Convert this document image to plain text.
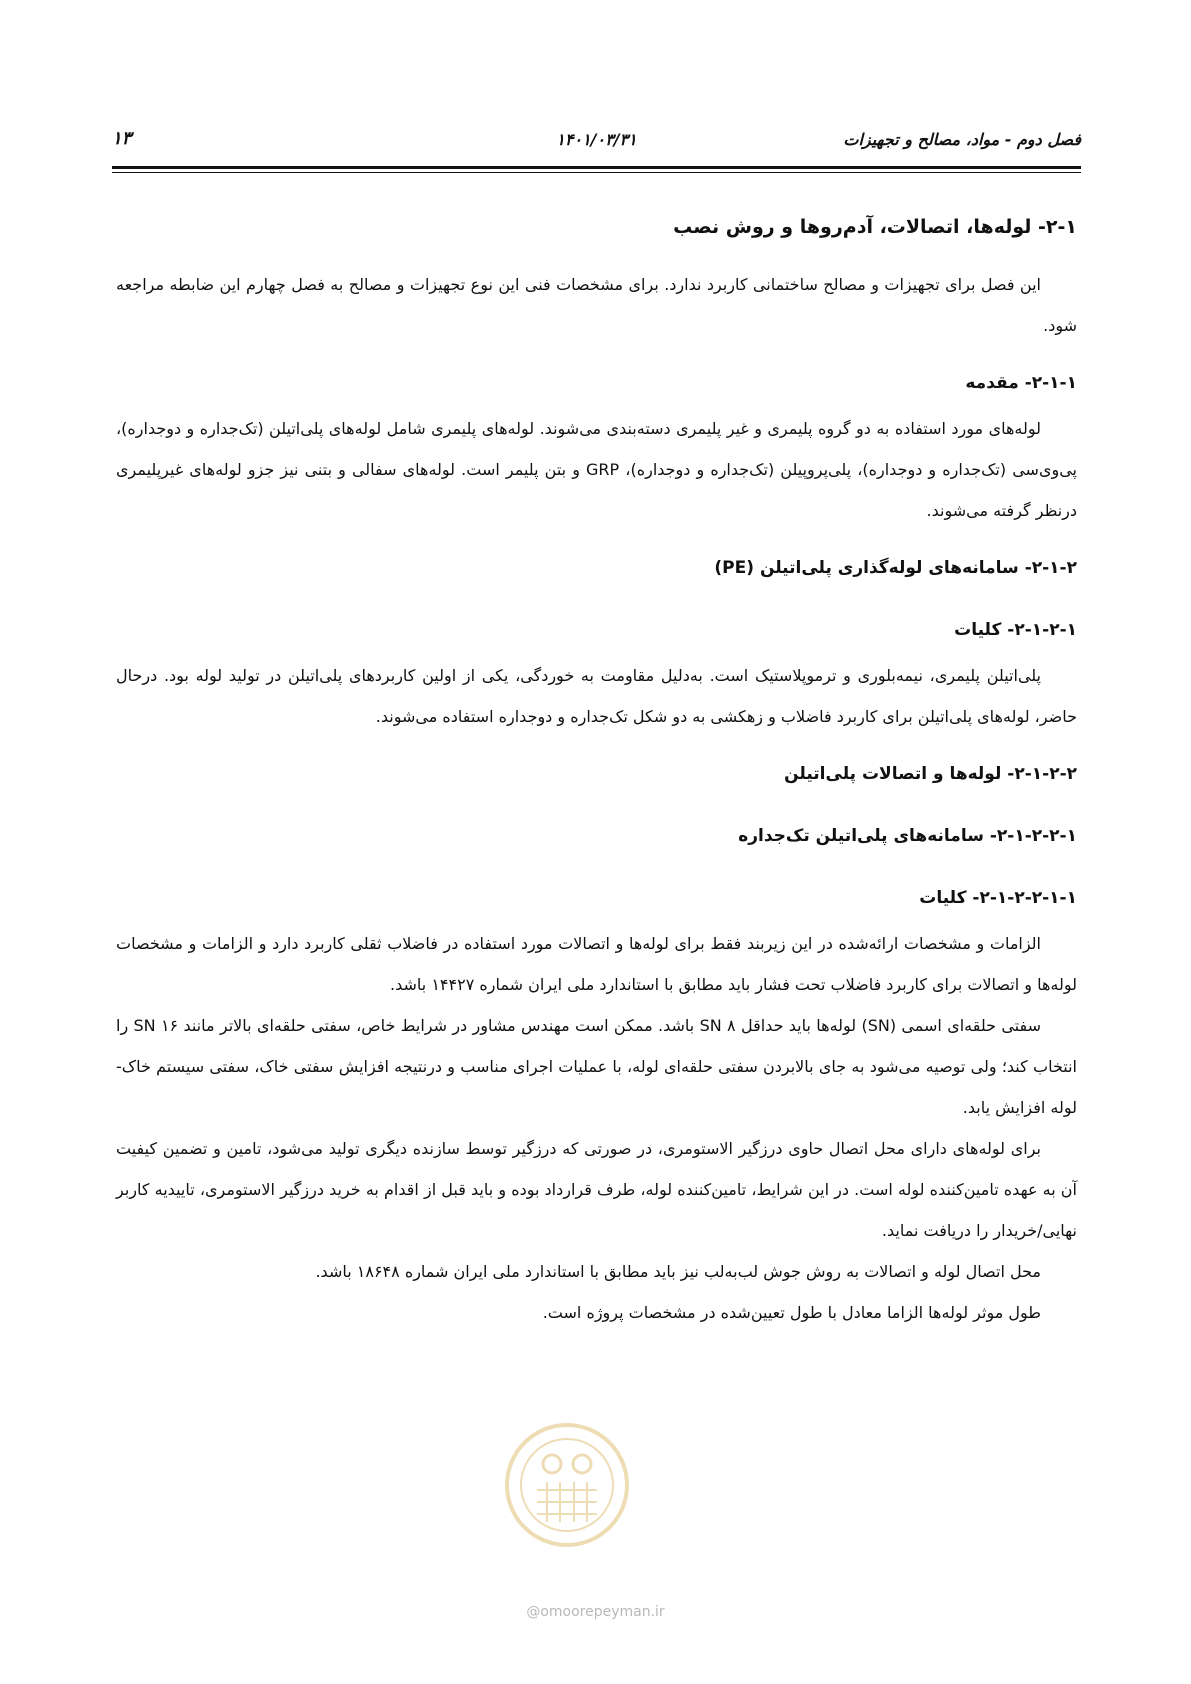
فصل دوم - مواد، مصالح و تجهیزات
۱۴۰۱/۰۳/۳۱
۱۳

۲-۱- لوله‌ها، اتصالات، آدم‌روها و روش نصب

این فصل برای تجهیزات و مصالح ساختمانی کاربرد ندارد. برای مشخصات فنی این نوع تجهیزات و مصالح به فصل چهارم این ضابطه مراجعه شود.

۲-۱-۱- مقدمه

لوله‌های مورد استفاده به دو گروه پلیمری و غیر پلیمری دسته‌بندی می‌شوند. لوله‌های پلیمری شامل لوله‌های پلی‌اتیلن (تک‌جداره و دوجداره)، پی‌وی‌سی (تک‌جداره و دوجداره)، پلی‌پروپیلن (تک‌جداره و دوجداره)، GRP و بتن پلیمر است. لوله‌های سفالی و بتنی نیز جزو لوله‌های غیرپلیمری درنظر گرفته می‌شوند.

۲-۱-۲- سامانه‌های لوله‌گذاری پلی‌اتیلن (PE)

۲-۱-۲-۱- کلیات

پلی‌اتیلن پلیمری، نیمه‌بلوری و ترموپلاستیک است. به‌دلیل مقاومت به خوردگی، یکی از اولین کاربردهای پلی‌اتیلن در تولید لوله بود. درحال حاضر، لوله‌های پلی‌اتیلن برای کاربرد فاضلاب و زهکشی به دو شکل تک‌جداره و دوجداره استفاده می‌شوند.

۲-۱-۲-۲- لوله‌ها و اتصالات پلی‌اتیلن

۲-۱-۲-۲-۱- سامانه‌های پلی‌اتیلن تک‌جداره

۲-۱-۲-۲-۱-۱- کلیات

الزامات و مشخصات ارائه‌شده در این زیربند فقط برای لوله‌ها و اتصالات مورد استفاده در فاضلاب ثقلی کاربرد دارد و الزامات و مشخصات لوله‌ها و اتصالات برای کاربرد فاضلاب تحت فشار باید مطابق با استاندارد ملی ایران شماره ۱۴۴۲۷ باشد.

سفتی حلقه‌ای اسمی (SN) لوله‌ها باید حداقل SN ۸ باشد. ممکن است مهندس مشاور در شرایط خاص، سفتی حلقه‌ای بالاتر مانند SN ۱۶ را انتخاب کند؛ ولی توصیه می‌شود به جای بالابردن سفتی حلقه‌ای لوله، با عملیات اجرای مناسب و درنتیجه افزایش سفتی خاک، سفتی سیستم خاک- لوله افزایش یابد.

برای لوله‌های دارای محل اتصال حاوی درزگیر الاستومری، در صورتی که درزگیر توسط سازنده دیگری تولید می‌شود، تامین و تضمین کیفیت آن به عهده تامین‌کننده لوله است. در این شرایط، تامین‌کننده لوله، طرف قرارداد بوده و باید قبل از اقدام به خرید درزگیر الاستومری، تاییدیه کاربر نهایی/خریدار را دریافت نماید.

محل اتصال لوله و اتصالات به روش جوش لب‌به‌لب نیز باید مطابق با استاندارد ملی ایران شماره ۱۸۶۴۸ باشد.

طول موثر لوله‌ها الزاما معادل با طول تعیین‌شده در مشخصات پروژه است.

@omoorepeyman.ir
